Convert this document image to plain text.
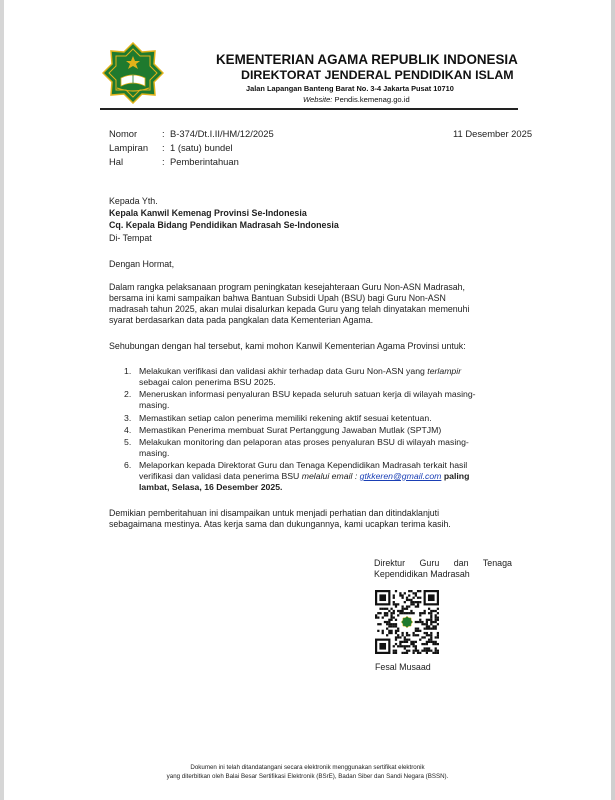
KEMENTERIAN AGAMA REPUBLIK INDONESIA
DIREKTORAT JENDERAL PENDIDIKAN ISLAM
Jalan Lapangan Banteng Barat No. 3-4 Jakarta Pusat 10710
Website: Pendis.kemenag.go.id
Nomor	: B-374/Dt.I.II/HM/12/2025
Lampiran : 1 (satu) bundel
Hal	: Pemberintahuan
11 Desember 2025
Kepada Yth.
Kepala Kanwil Kemenag Provinsi Se-Indonesia
Cq. Kepala Bidang Pendidikan Madrasah Se-Indonesia
Di- Tempat
Dengan Hormat,
Dalam rangka pelaksanaan program peningkatan kesejahteraan Guru Non-ASN Madrasah,
bersama ini kami sampaikan bahwa Bantuan Subsidi Upah (BSU) bagi Guru Non-ASN
madrasah tahun 2025, akan mulai disalurkan kepada Guru yang telah dinyatakan memenuhi
syarat berdasarkan data pada pangkalan data Kementerian Agama.
Sehubungan dengan hal tersebut, kami mohon Kanwil Kementerian Agama Provinsi untuk:
1. Melakukan verifikasi dan validasi akhir terhadap data Guru Non-ASN yang terlampir
sebagai calon penerima BSU 2025.
2. Meneruskan informasi penyaluran BSU kepada seluruh satuan kerja di wilayah masing-
masing.
3. Memastikan setiap calon penerima memiliki rekening aktif sesuai ketentuan.
4. Memastikan Penerima membuat Surat Pertanggung Jawaban Mutlak (SPTJM)
5. Melakukan monitoring dan pelaporan atas proses penyaluran BSU di wilayah masing-
masing.
6. Melaporkan kepada Direktorat Guru dan Tenaga Kependidikan Madrasah terkait hasil
verifikasi dan validasi data penerima BSU melalui email : gtkkeren@gmail.com paling
lambat, Selasa, 16 Desember 2025.
Demikian pemberitahuan ini disampaikan untuk menjadi perhatian dan ditindaklanjuti
sebagaimana mestinya. Atas kerja sama dan dukungannya, kami ucapkan terima kasih.
Direktur Guru dan Tenaga
Kependidikan Madrasah
Fesal Musaad
Dokumen ini telah ditandatangani secara elektronik menggunakan sertifikat elektronik
yang diterbitkan oleh Balai Besar Sertifikasi Elektronik (BSrE), Badan Siber dan Sandi Negara (BSSN).
